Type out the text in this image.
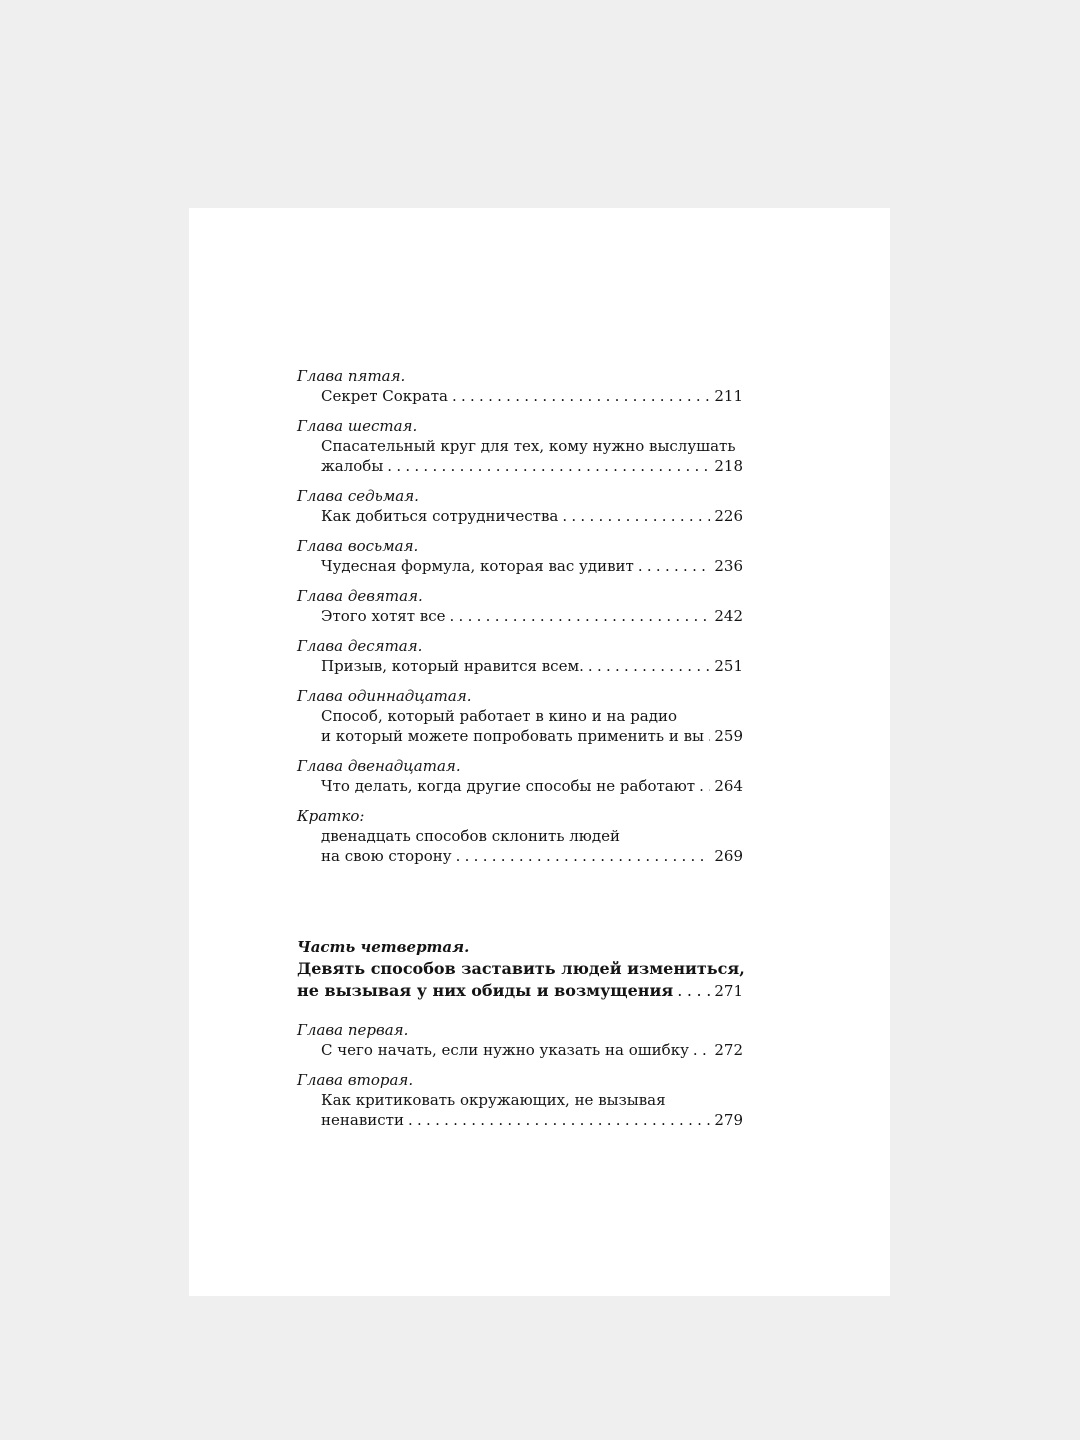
Глава пятая.
Секрет Сократа . . .	211
Глава шестая.
Спасательный круг для тех, кому нужно выслушать
жалобы . . .	218
Глава седьмая.
Как добиться сотрудничества . . .	226
Глава восьмая.
Чудесная формула, которая вас удивит . . .	236
Глава девятая.
Этого хотят все . . .	242
Глава десятая.
Призыв, который нравится всем. . . .	251
Глава одиннадцатая.
Способ, который работает в кино и на радио
и который можете попробовать применить и вы . . . 259
Глава двенадцатая.
Что делать, когда другие способы не работают . . . 264
Кратко:
двенадцать способов склонить людей
на свою сторону . . .	269
Часть четвертая.
Девять способов заставить людей измениться,
не вызывая у них обиды и возмущения . . .	271
Глава первая.
С чего начать, если нужно указать на ошибку . . . 272
Глава вторая.
Как критиковать окружающих, не вызывая
ненависти . . .	279
